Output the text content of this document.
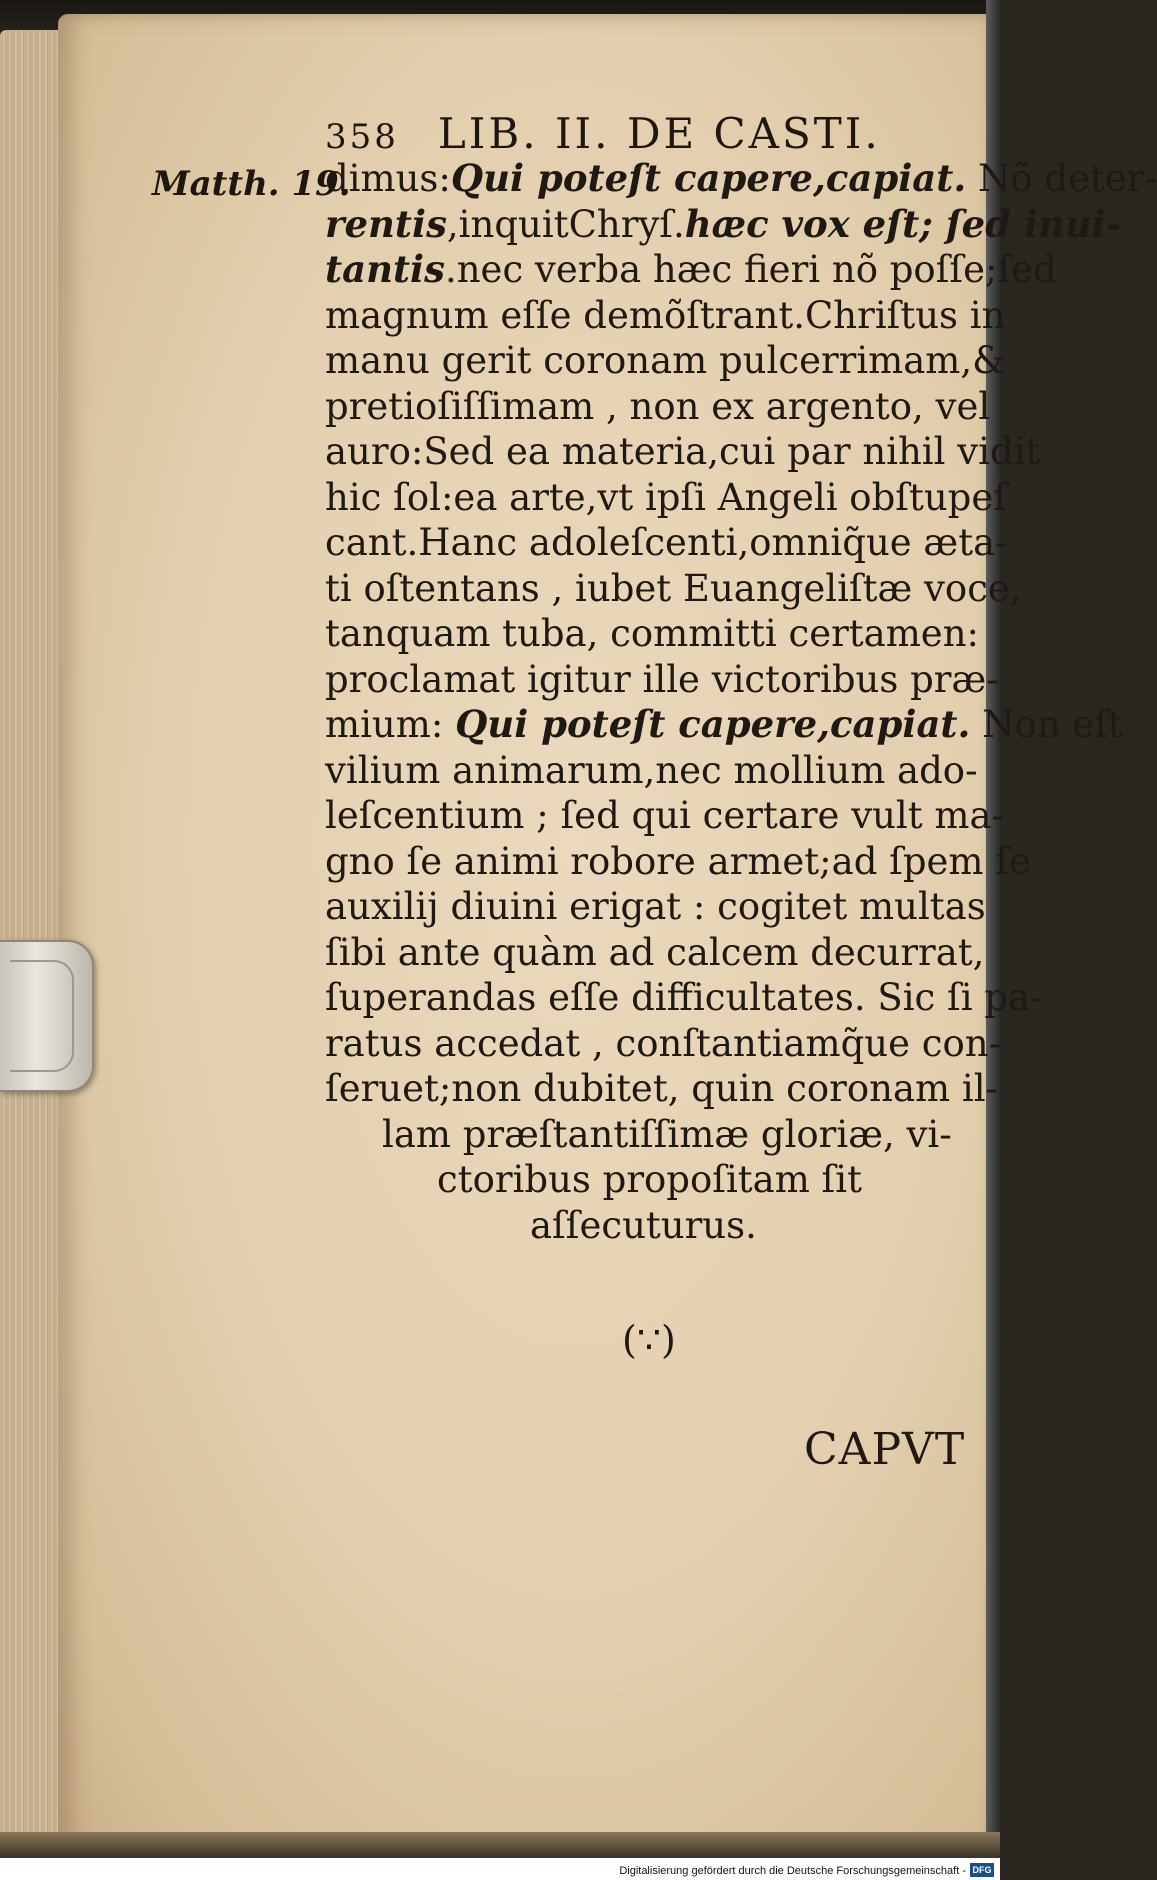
358 LIB. II. DE CASTI.
Matth. 19.
dimus:Qui poteſt capere,capiat. Nõ deter-
rentis,inquitChryſ.hæc vox eſt; ſed inui-
tantis.nec verba hæc fieri nõ poſſe;ſed
magnum eſſe demõſtrant.Chriſtus in
manu gerit coronam pulcerrimam,&
pretioſiſſimam , non ex argento, vel
auro:Sed ea materia,cui par nihil vidit
hic ſol:ea arte,vt ipſi Angeli obſtupeſ
cant.Hanc adoleſcenti,omniq̃ue æta-
ti oſtentans , iubet Euangeliſtæ voce,
tanquam tuba, committi certamen:
proclamat igitur ille victoribus præ-
mium: Qui poteſt capere,capiat. Non eſt
vilium animarum,nec mollium ado-
leſcentium ; ſed qui certare vult ma-
gno ſe animi robore armet;ad ſpem ſe
auxilij diuini erigat : cogitet multas
ſibi ante quàm ad calcem decurrat,
ſuperandas eſſe difficultates. Sic ſi pa-
ratus accedat , conſtantiamq̃ue con-
ſeruet;non dubitet, quin coronam il-
lam præſtantiſſimæ gloriæ, vi-
ctoribus propoſitam ſit
aſſecuturus.
(∵)
CAPVT
Digitalisierung gefördert durch die Deutsche Forschungsgemeinschaft - DFG
